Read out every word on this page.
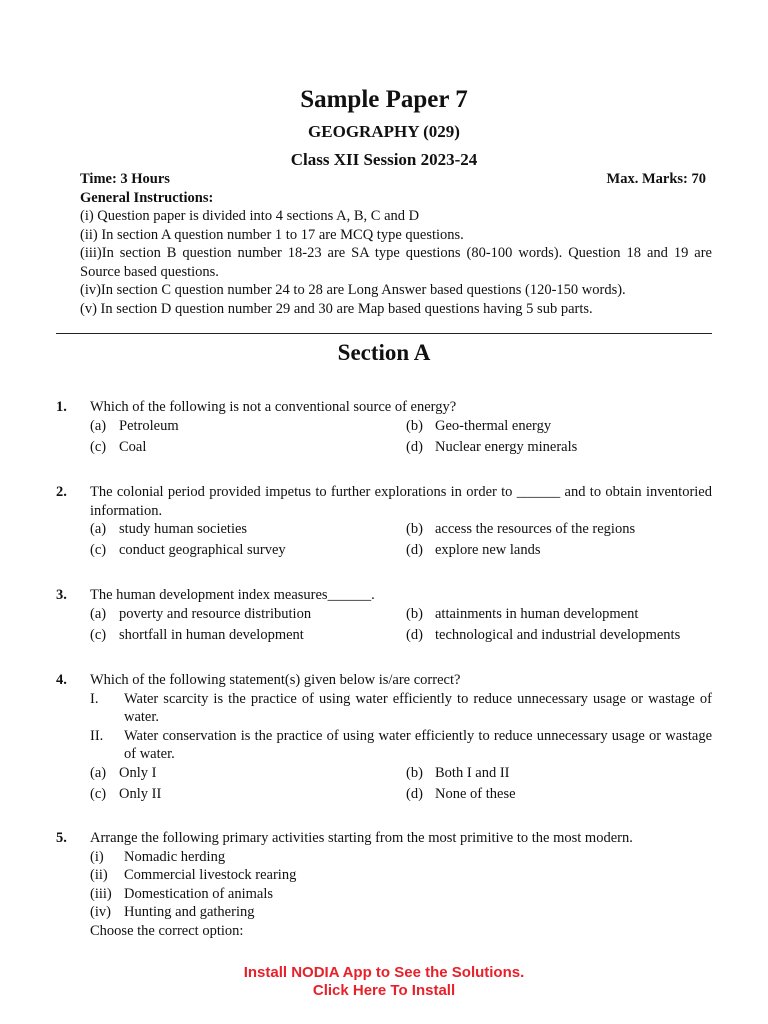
Sample Paper 7
GEOGRAPHY (029)
Class XII Session 2023-24
Time: 3 Hours	Max. Marks: 70
General Instructions:
(i) Question paper is divided into 4 sections A, B, C and D
(ii) In section A question number 1 to 17 are MCQ type questions.
(iii)In section B question number 18-23 are SA type questions (80-100 words). Question 18 and 19 are Source based questions.
(iv)In section C question number 24 to 28 are Long Answer based questions (120-150 words).
(v) In section D question number 29 and 30 are Map based questions having 5 sub parts.
Section A
1. Which of the following is not a conventional source of energy?
(a) Petroleum	(b) Geo-thermal energy
(c) Coal	(d) Nuclear energy minerals
2. The colonial period provided impetus to further explorations in order to ______ and to obtain inventoried information.
(a) study human societies	(b) access the resources of the regions
(c) conduct geographical survey	(d) explore new lands
3. The human development index measures______.
(a) poverty and resource distribution	(b) attainments in human development
(c) shortfall in human development	(d) technological and industrial developments
4. Which of the following statement(s) given below is/are correct?
I. Water scarcity is the practice of using water efficiently to reduce unnecessary usage or wastage of water.
II. Water conservation is the practice of using water efficiently to reduce unnecessary usage or wastage of water.
(a) Only I	(b) Both I and II
(c) Only II	(d) None of these
5. Arrange the following primary activities starting from the most primitive to the most modern.
(i) Nomadic herding
(ii) Commercial livestock rearing
(iii) Domestication of animals
(iv) Hunting and gathering
Choose the correct option:
Install NODIA App to See the Solutions.
Click Here To Install
